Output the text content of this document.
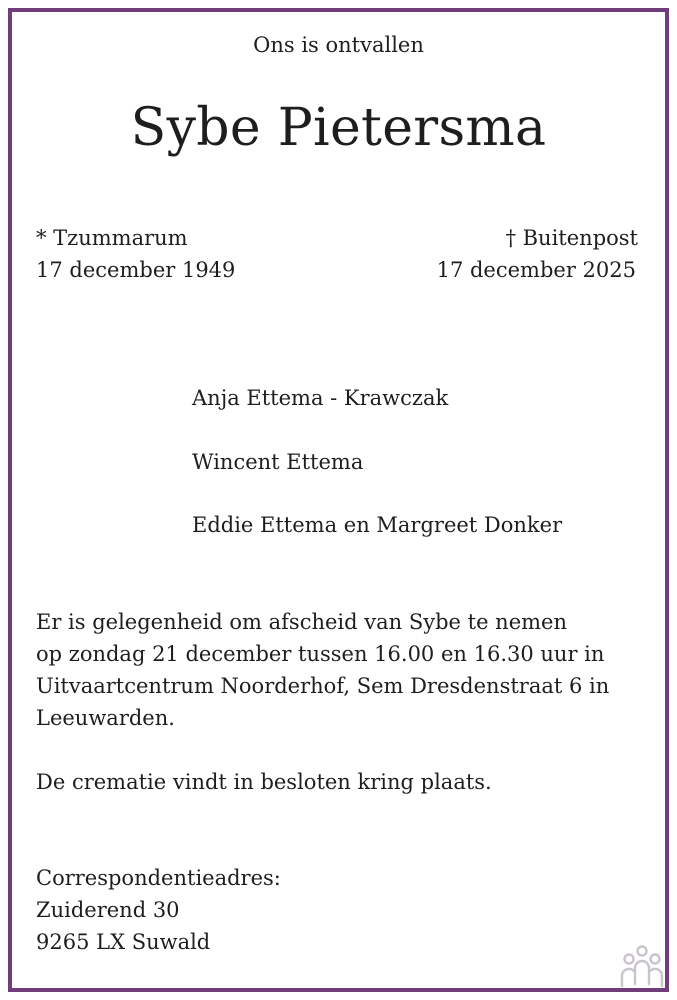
Ons is ontvallen
Sybe Pietersma
* Tzummarum
17 december 1949
† Buitenpost
17 december 2025
Anja Ettema - Krawczak
Wincent Ettema
Eddie Ettema en Margreet Donker
Er is gelegenheid om afscheid van Sybe te nemen
op zondag 21 december tussen 16.00 en 16.30 uur in
Uitvaartcentrum Noorderhof, Sem Dresdenstraat 6 in
Leeuwarden.
De crematie vindt in besloten kring plaats.
Correspondentieadres:
Zuiderend 30
9265 LX Suwald
